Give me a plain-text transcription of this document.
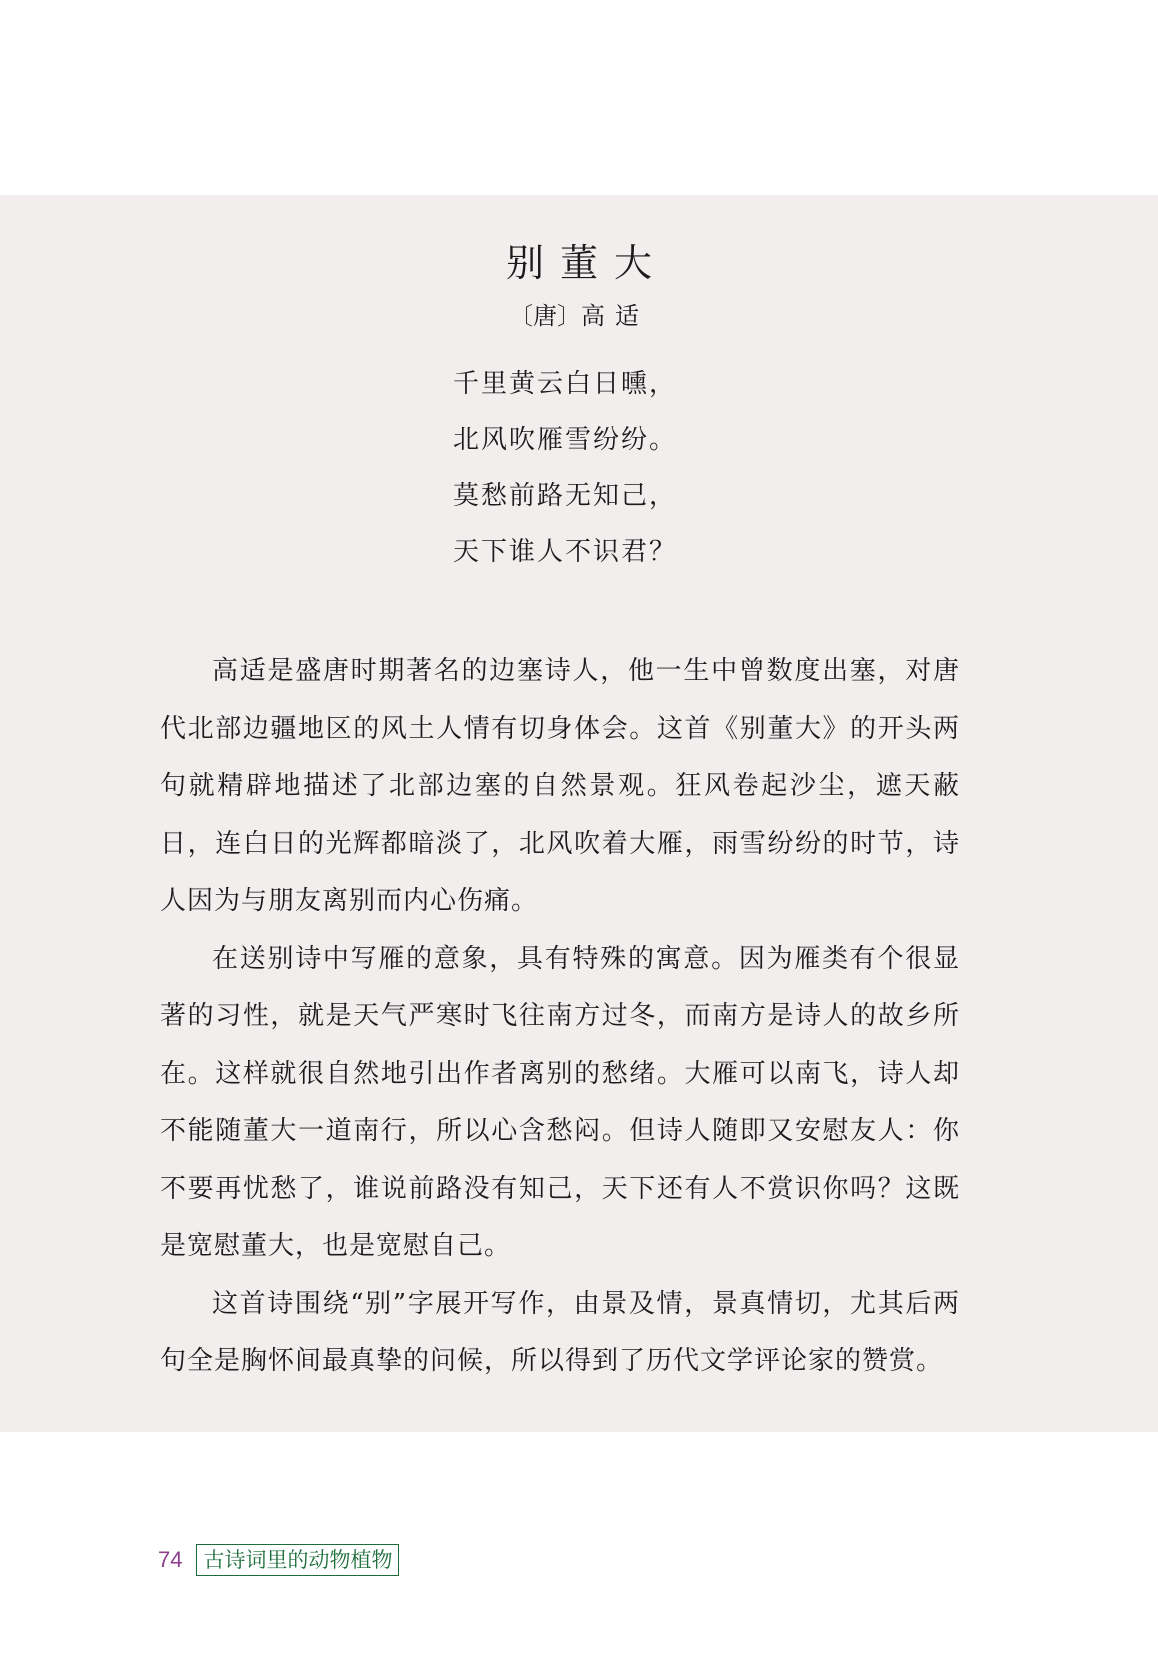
别董大
〔唐〕高适
千里黄云白日曛，
北风吹雁雪纷纷。
莫愁前路无知己，
天下谁人不识君？

高适是盛唐时期著名的边塞诗人，他一生中曾数度出塞，对唐代北部边疆地区的风土人情有切身体会。这首《别董大》的开头两句就精辟地描述了北部边塞的自然景观。狂风卷起沙尘，遮天蔽日，连白日的光辉都暗淡了，北风吹着大雁，雨雪纷纷的时节，诗人因为与朋友离别而内心伤痛。

在送别诗中写雁的意象，具有特殊的寓意。因为雁类有个很显著的习性，就是天气严寒时飞往南方过冬，而南方是诗人的故乡所在。这样就很自然地引出作者离别的愁绪。大雁可以南飞，诗人却不能随董大一道南行，所以心含愁闷。但诗人随即又安慰友人：你不要再忧愁了，谁说前路没有知己，天下还有人不赏识你吗？这既是宽慰董大，也是宽慰自己。

这首诗围绕“别”字展开写作，由景及情，景真情切，尤其后两句全是胸怀间最真挚的问候，所以得到了历代文学评论家的赞赏。

74	古诗词里的动物植物
